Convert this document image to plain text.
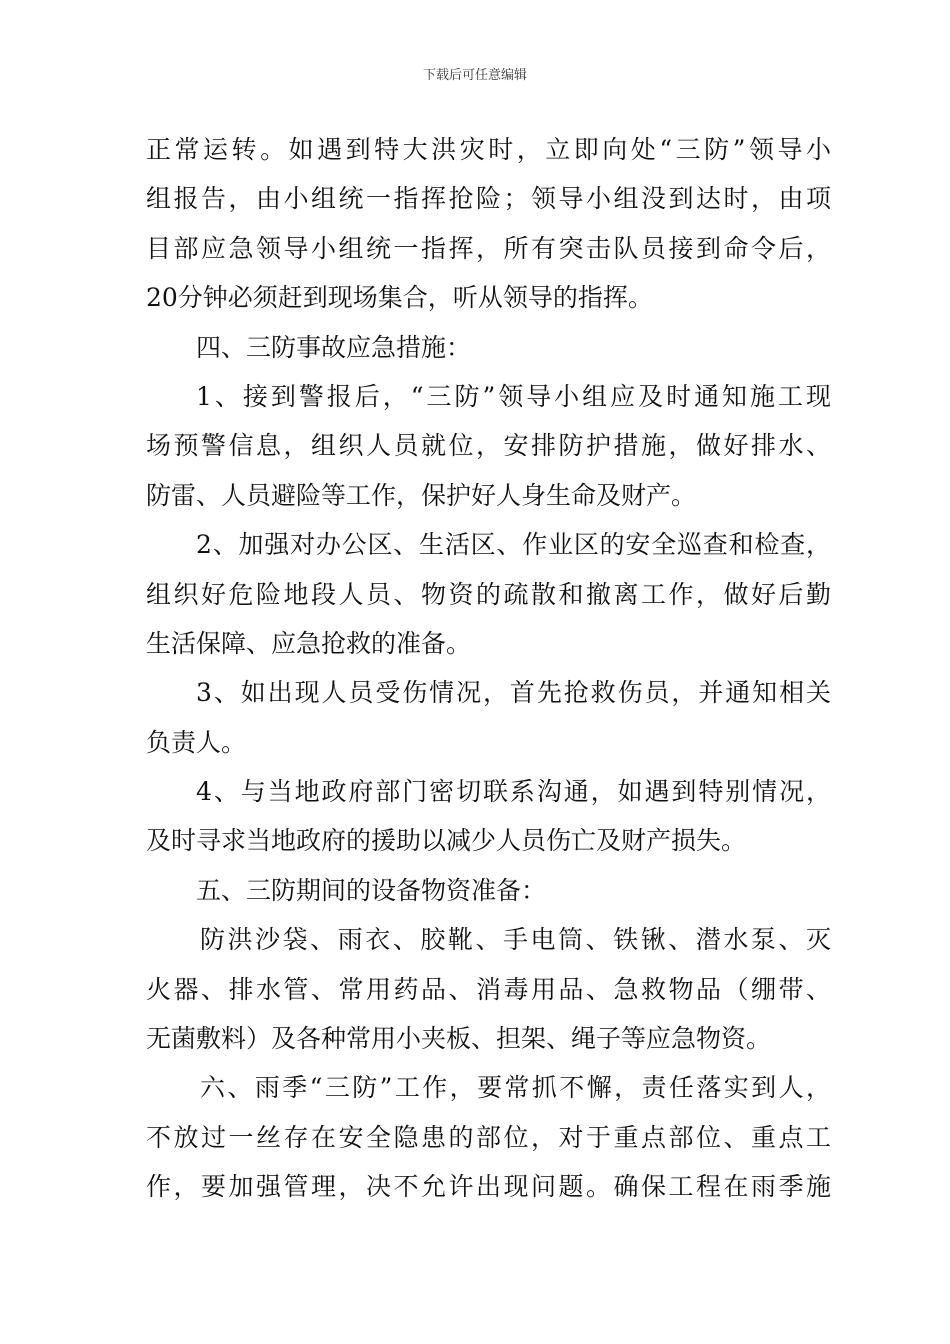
下载后可任意编辑
正常运转。如遇到特大洪灾时，立即向处“三防”领导小
组报告，由小组统一指挥抢险；领导小组没到达时，由项
目部应急领导小组统一指挥，所有突击队员接到命令后，
20分钟必须赶到现场集合，听从领导的指挥。
四、三防事故应急措施：
1、接到警报后，“三防”领导小组应及时通知施工现
场预警信息，组织人员就位，安排防护措施，做好排水、
防雷、人员避险等工作，保护好人身生命及财产。
2、加强对办公区、生活区、作业区的安全巡查和检查，
组织好危险地段人员、物资的疏散和撤离工作，做好后勤
生活保障、应急抢救的准备。
3、如出现人员受伤情况，首先抢救伤员，并通知相关
负责人。
4、与当地政府部门密切联系沟通，如遇到特别情况，
及时寻求当地政府的援助以减少人员伤亡及财产损失。
五、三防期间的设备物资准备：
防洪沙袋、雨衣、胶靴、手电筒、铁锹、潜水泵、灭
火器、排水管、常用药品、消毒用品、急救物品（绷带、
无菌敷料）及各种常用小夹板、担架、绳子等应急物资。
六、雨季“三防”工作，要常抓不懈，责任落实到人，
不放过一丝存在安全隐患的部位，对于重点部位、重点工
作，要加强管理，决不允许出现问题。确保工程在雨季施
